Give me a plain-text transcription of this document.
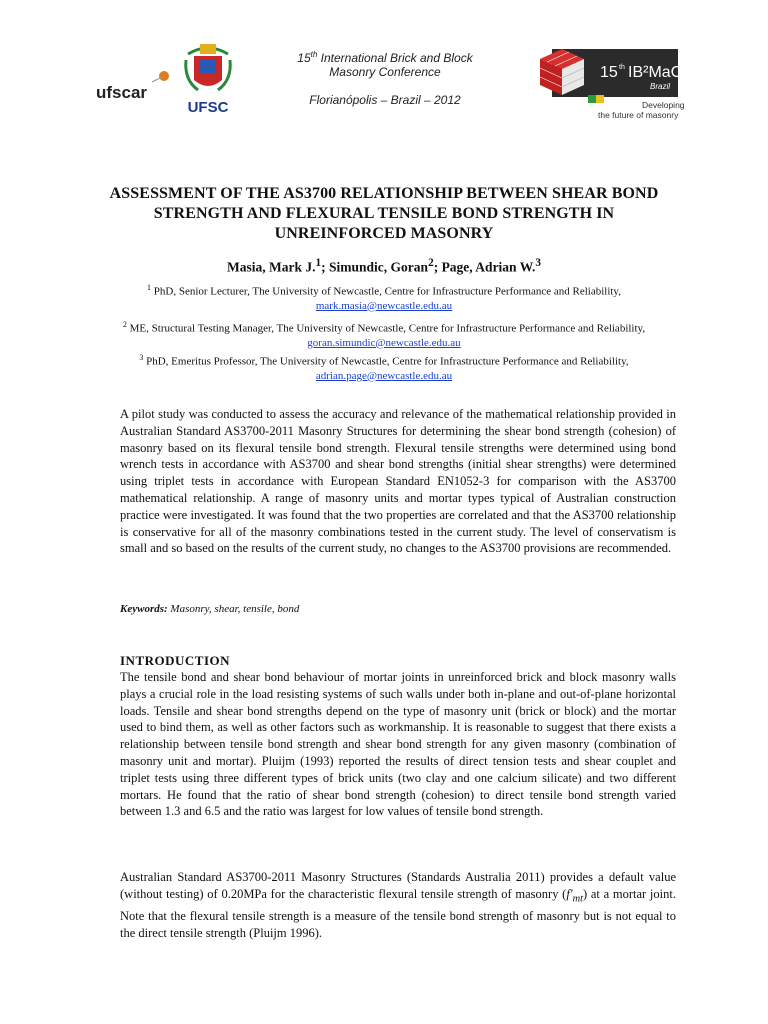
ufscar
UFSC
15th International Brick and Block
Masonry Conference
Florianópolis – Brazil – 2012
15 th IB²MaC
Brazil
Developing
the future of masonry
ASSESSMENT OF THE AS3700 RELATIONSHIP BETWEEN SHEAR BOND STRENGTH AND FLEXURAL TENSILE BOND STRENGTH IN UNREINFORCED MASONRY
Masia, Mark J.$^1$; Simundic, Goran$^2$; Page, Adrian W.$^3$
$^1$ PhD, Senior Lecturer, The University of Newcastle, Centre for Infrastructure Performance and Reliability,
mark.masia@newcastle.edu.au
$^2$ ME, Structural Testing Manager, The University of Newcastle, Centre for Infrastructure Performance and Reliability, goran.simundic@newcastle.edu.au
$^3$ PhD, Emeritus Professor, The University of Newcastle, Centre for Infrastructure Performance and Reliability,
adrian.page@newcastle.edu.au
A pilot study was conducted to assess the accuracy and relevance of the mathematical relationship provided in Australian Standard AS3700-2011 Masonry Structures for determining the shear bond strength (cohesion) of masonry based on its flexural tensile bond strength. Flexural tensile strengths were determined using bond wrench tests in accordance with AS3700 and shear bond strengths (initial shear strengths) were determined using triplet tests in accordance with European Standard EN1052-3 for comparison with the AS3700 mathematical relationship. A range of masonry units and mortar types typical of Australian construction practice were investigated. It was found that the two properties are correlated and that the AS3700 relationship is conservative for all of the masonry combinations tested in the current study. The level of conservatism is small and so based on the results of the current study, no changes to the AS3700 provisions are recommended.
Keywords: Masonry, shear, tensile, bond
INTRODUCTION
The tensile bond and shear bond behaviour of mortar joints in unreinforced brick and block masonry walls plays a crucial role in the load resisting systems of such walls under both in-plane and out-of-plane horizontal loads. Tensile and shear bond strengths depend on the type of masonry unit (brick or block) and the mortar used to bind them, as well as other factors such as workmanship. It is reasonable to suggest that there exists a relationship between tensile bond strength and shear bond strength for any given masonry (combination of masonry unit and mortar). Pluijm (1993) reported the results of direct tension tests and shear couplet and triplet tests using three different types of brick units (two clay and one calcium silicate) and two different mortars. He found that the ratio of shear bond strength (cohesion) to direct tensile bond strength varied between 1.3 and 6.5 and the ratio was largest for low values of tensile bond strength.
Australian Standard AS3700-2011 Masonry Structures (Standards Australia 2011) provides a default value (without testing) of 0.20MPa for the characteristic flexural tensile strength of masonry $(f'_{mt})$ at a mortar joint. Note that the flexural tensile strength is a measure of the tensile bond strength of masonry but is not equal to the direct tensile strength (Pluijm 1996).
